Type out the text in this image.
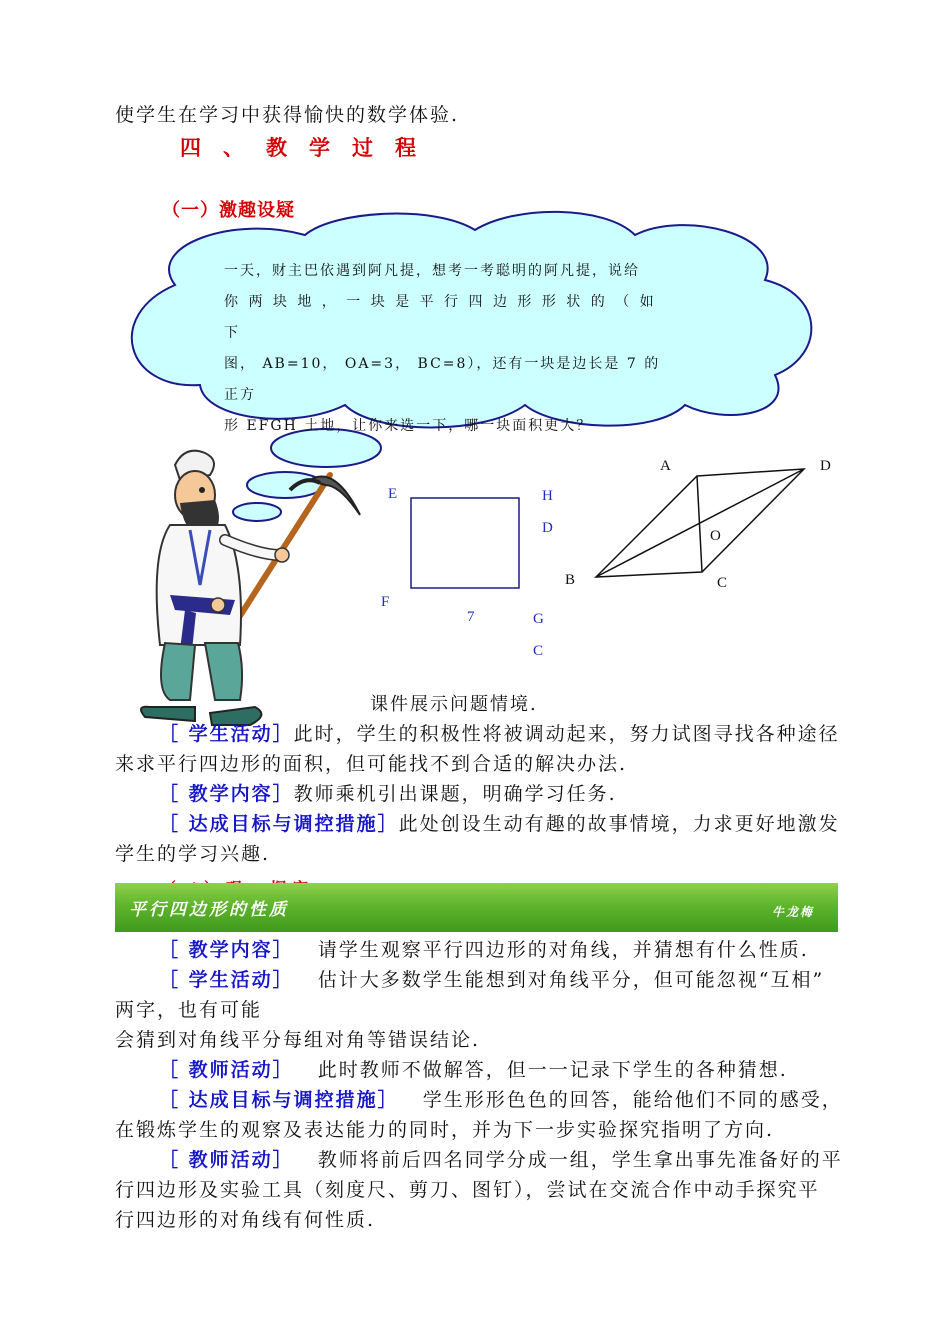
使学生在学习中获得愉快的数学体验.
四、教学过程
（一）激趣设疑
一天，财主巴依遇到阿凡提，想考一考聪明的阿凡提，说给
你 两 块 地 ， 一 块 是 平 行 四 边 形 形 状 的 （ 如 下
图， AB=10， OA=3， BC=8），还有一块是边长是 7 的正方
形 EFGH 土地，让你来选一下，哪一块面积更大？
E	H
D
F
7	G
C
A	D
O
B	C
课件展示问题情境.
［ 学生活动］此时，学生的积极性将被调动起来，努力试图寻找各种途径
来求平行四边形的面积，但可能找不到合适的解决办法.
［ 教学内容］教师乘机引出课题，明确学习任务.
［ 达成目标与调控措施］此处创设生动有趣的故事情境，力求更好地激发
学生的学习兴趣.
平行四边形的性质	牛龙梅
［ 教学内容］ 请学生观察平行四边形的对角线，并猜想有什么性质.
［ 学生活动］ 估计大多数学生能想到对角线平分，但可能忽视“互相”
两字，也有可能
会猜到对角线平分每组对角等错误结论.
［ 教师活动］ 此时教师不做解答，但一一记录下学生的各种猜想.
［ 达成目标与调控措施］ 学生形形色色的回答，能给他们不同的感受，
在锻炼学生的观察及表达能力的同时，并为下一步实验探究指明了方向.
［ 教师活动］ 教师将前后四名同学分成一组，学生拿出事先准备好的平
行四边形及实验工具（刻度尺、剪刀、图钉），尝试在交流合作中动手探究平
行四边形的对角线有何性质.
